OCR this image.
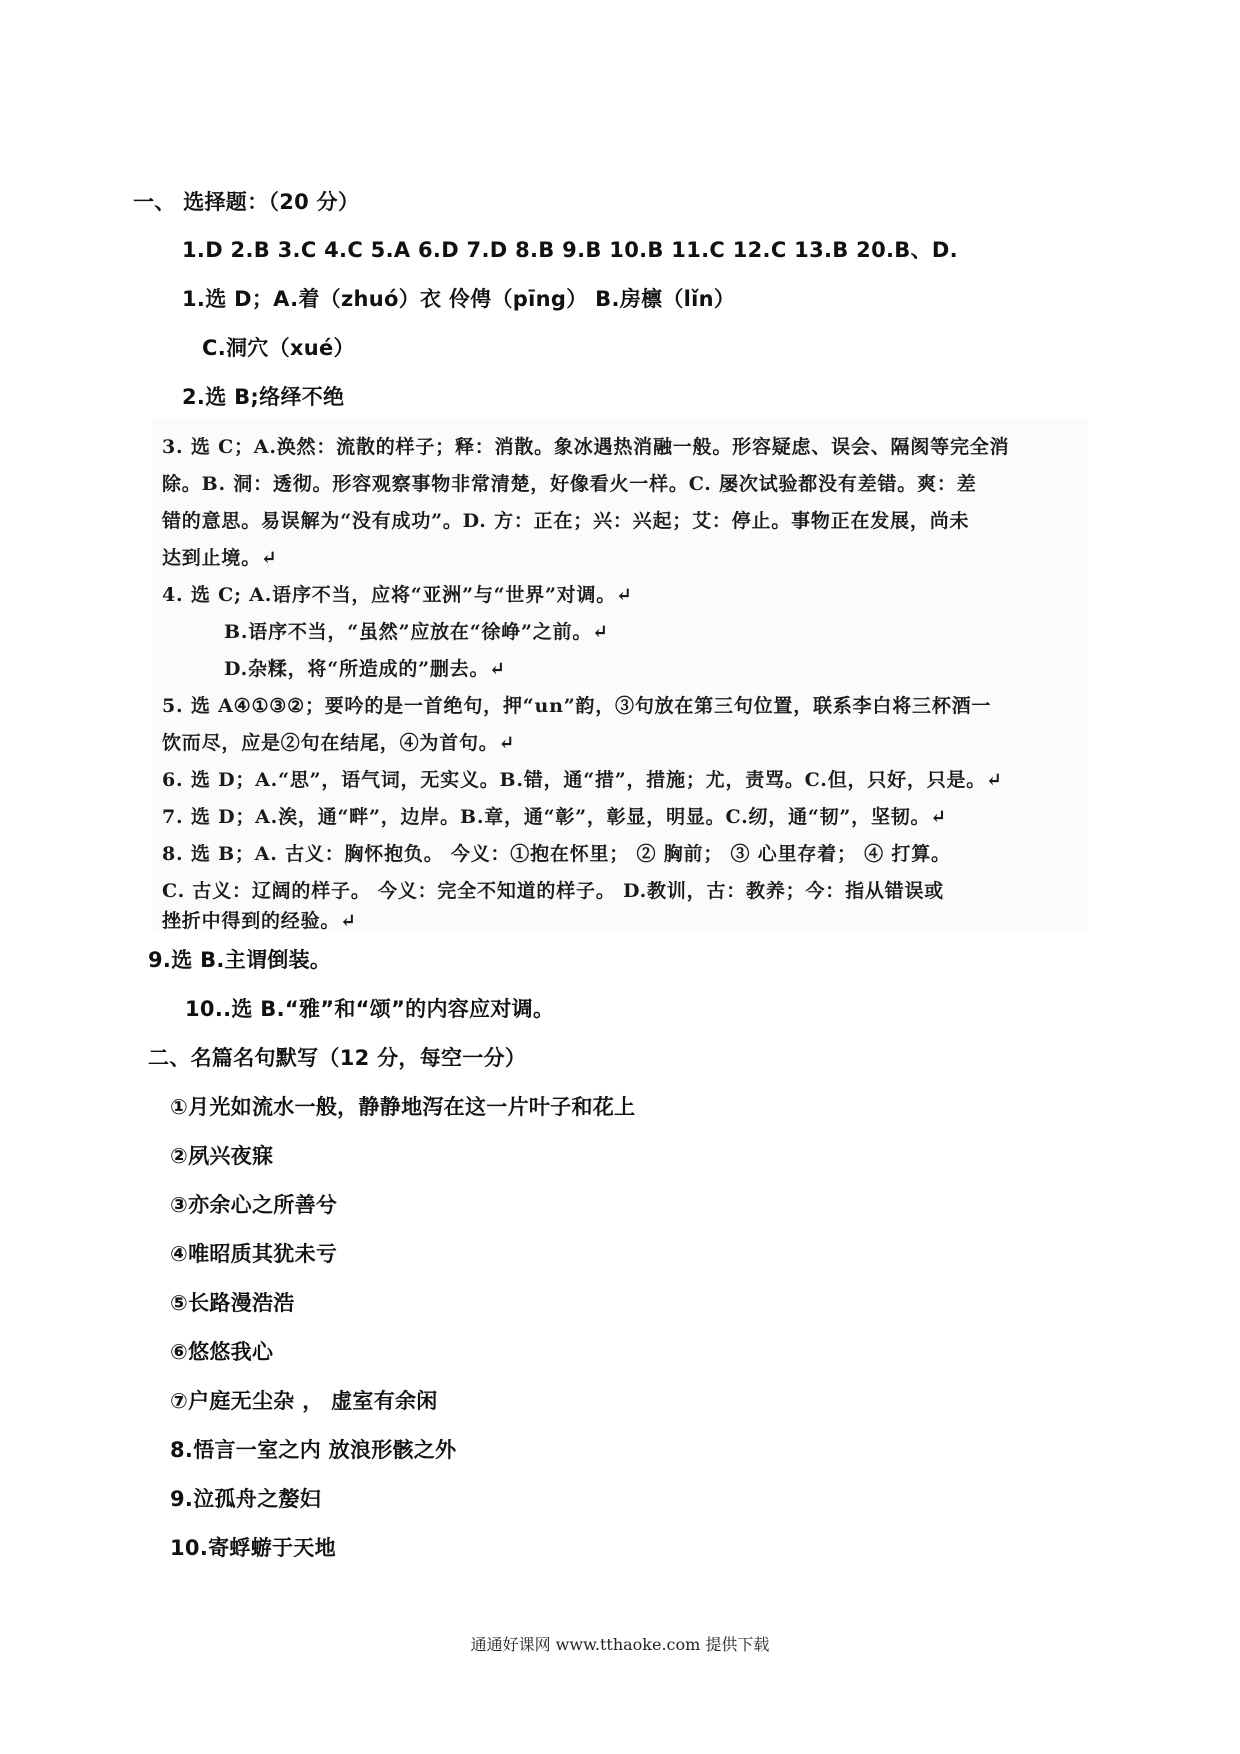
一、 选择题：（20 分）
1.D 2.B 3.C 4.C 5.A 6.D 7.D 8.B 9.B 10.B 11.C 12.C 13.B 20.B、D.
1.选 D；A.着（zhuó）衣 伶俜（pīng） B.房檩（lǐn）
C.洞穴（xué）
2.选 B;络绎不绝
3. 选 C；A.涣然：流散的样子；释：消散。象冰遇热消融一般。形容疑虑、误会、隔阂等完全消
除。B. 洞：透彻。形容观察事物非常清楚，好像看火一样。C. 屡次试验都没有差错。爽：差
错的意思。易误解为“没有成功”。D. 方：正在；兴：兴起；艾：停止。事物正在发展，尚未
达到止境。↵
4. 选 C; A.语序不当，应将“亚洲”与“世界”对调。↵
B.语序不当，“虽然”应放在“徐峥”之前。↵
D.杂糅，将“所造成的”删去。↵
5. 选 A④①③②；要吟的是一首绝句，押“un”韵，③句放在第三句位置，联系李白将三杯酒一
饮而尽，应是②句在结尾，④为首句。↵
6. 选 D；A.“思”，语气词，无实义。B.错，通“措”，措施；尤，责骂。C.但，只好，只是。↵
7. 选 D；A.涘，通“畔”，边岸。B.章，通“彰”，彰显，明显。C.纫，通“韧”，坚韧。↵
8. 选 B；A. 古义：胸怀抱负。 今义：①抱在怀里； ② 胸前； ③ 心里存着； ④ 打算。
C. 古义：辽阔的样子。 今义：完全不知道的样子。 D.教训，古：教养；今：指从错误或
挫折中得到的经验。↵
9.选 B.主谓倒装。
10..选 B.“雅”和“颂”的内容应对调。
二、名篇名句默写（12 分，每空一分）
①月光如流水一般，静静地泻在这一片叶子和花上
②夙兴夜寐
③亦余心之所善兮
④唯昭质其犹未亏
⑤长路漫浩浩
⑥悠悠我心
⑦户庭无尘杂 ， 虚室有余闲
8.悟言一室之内 放浪形骸之外
9.泣孤舟之嫠妇
10.寄蜉蝣于天地
通通好课网 www.tthaoke.com 提供下载
